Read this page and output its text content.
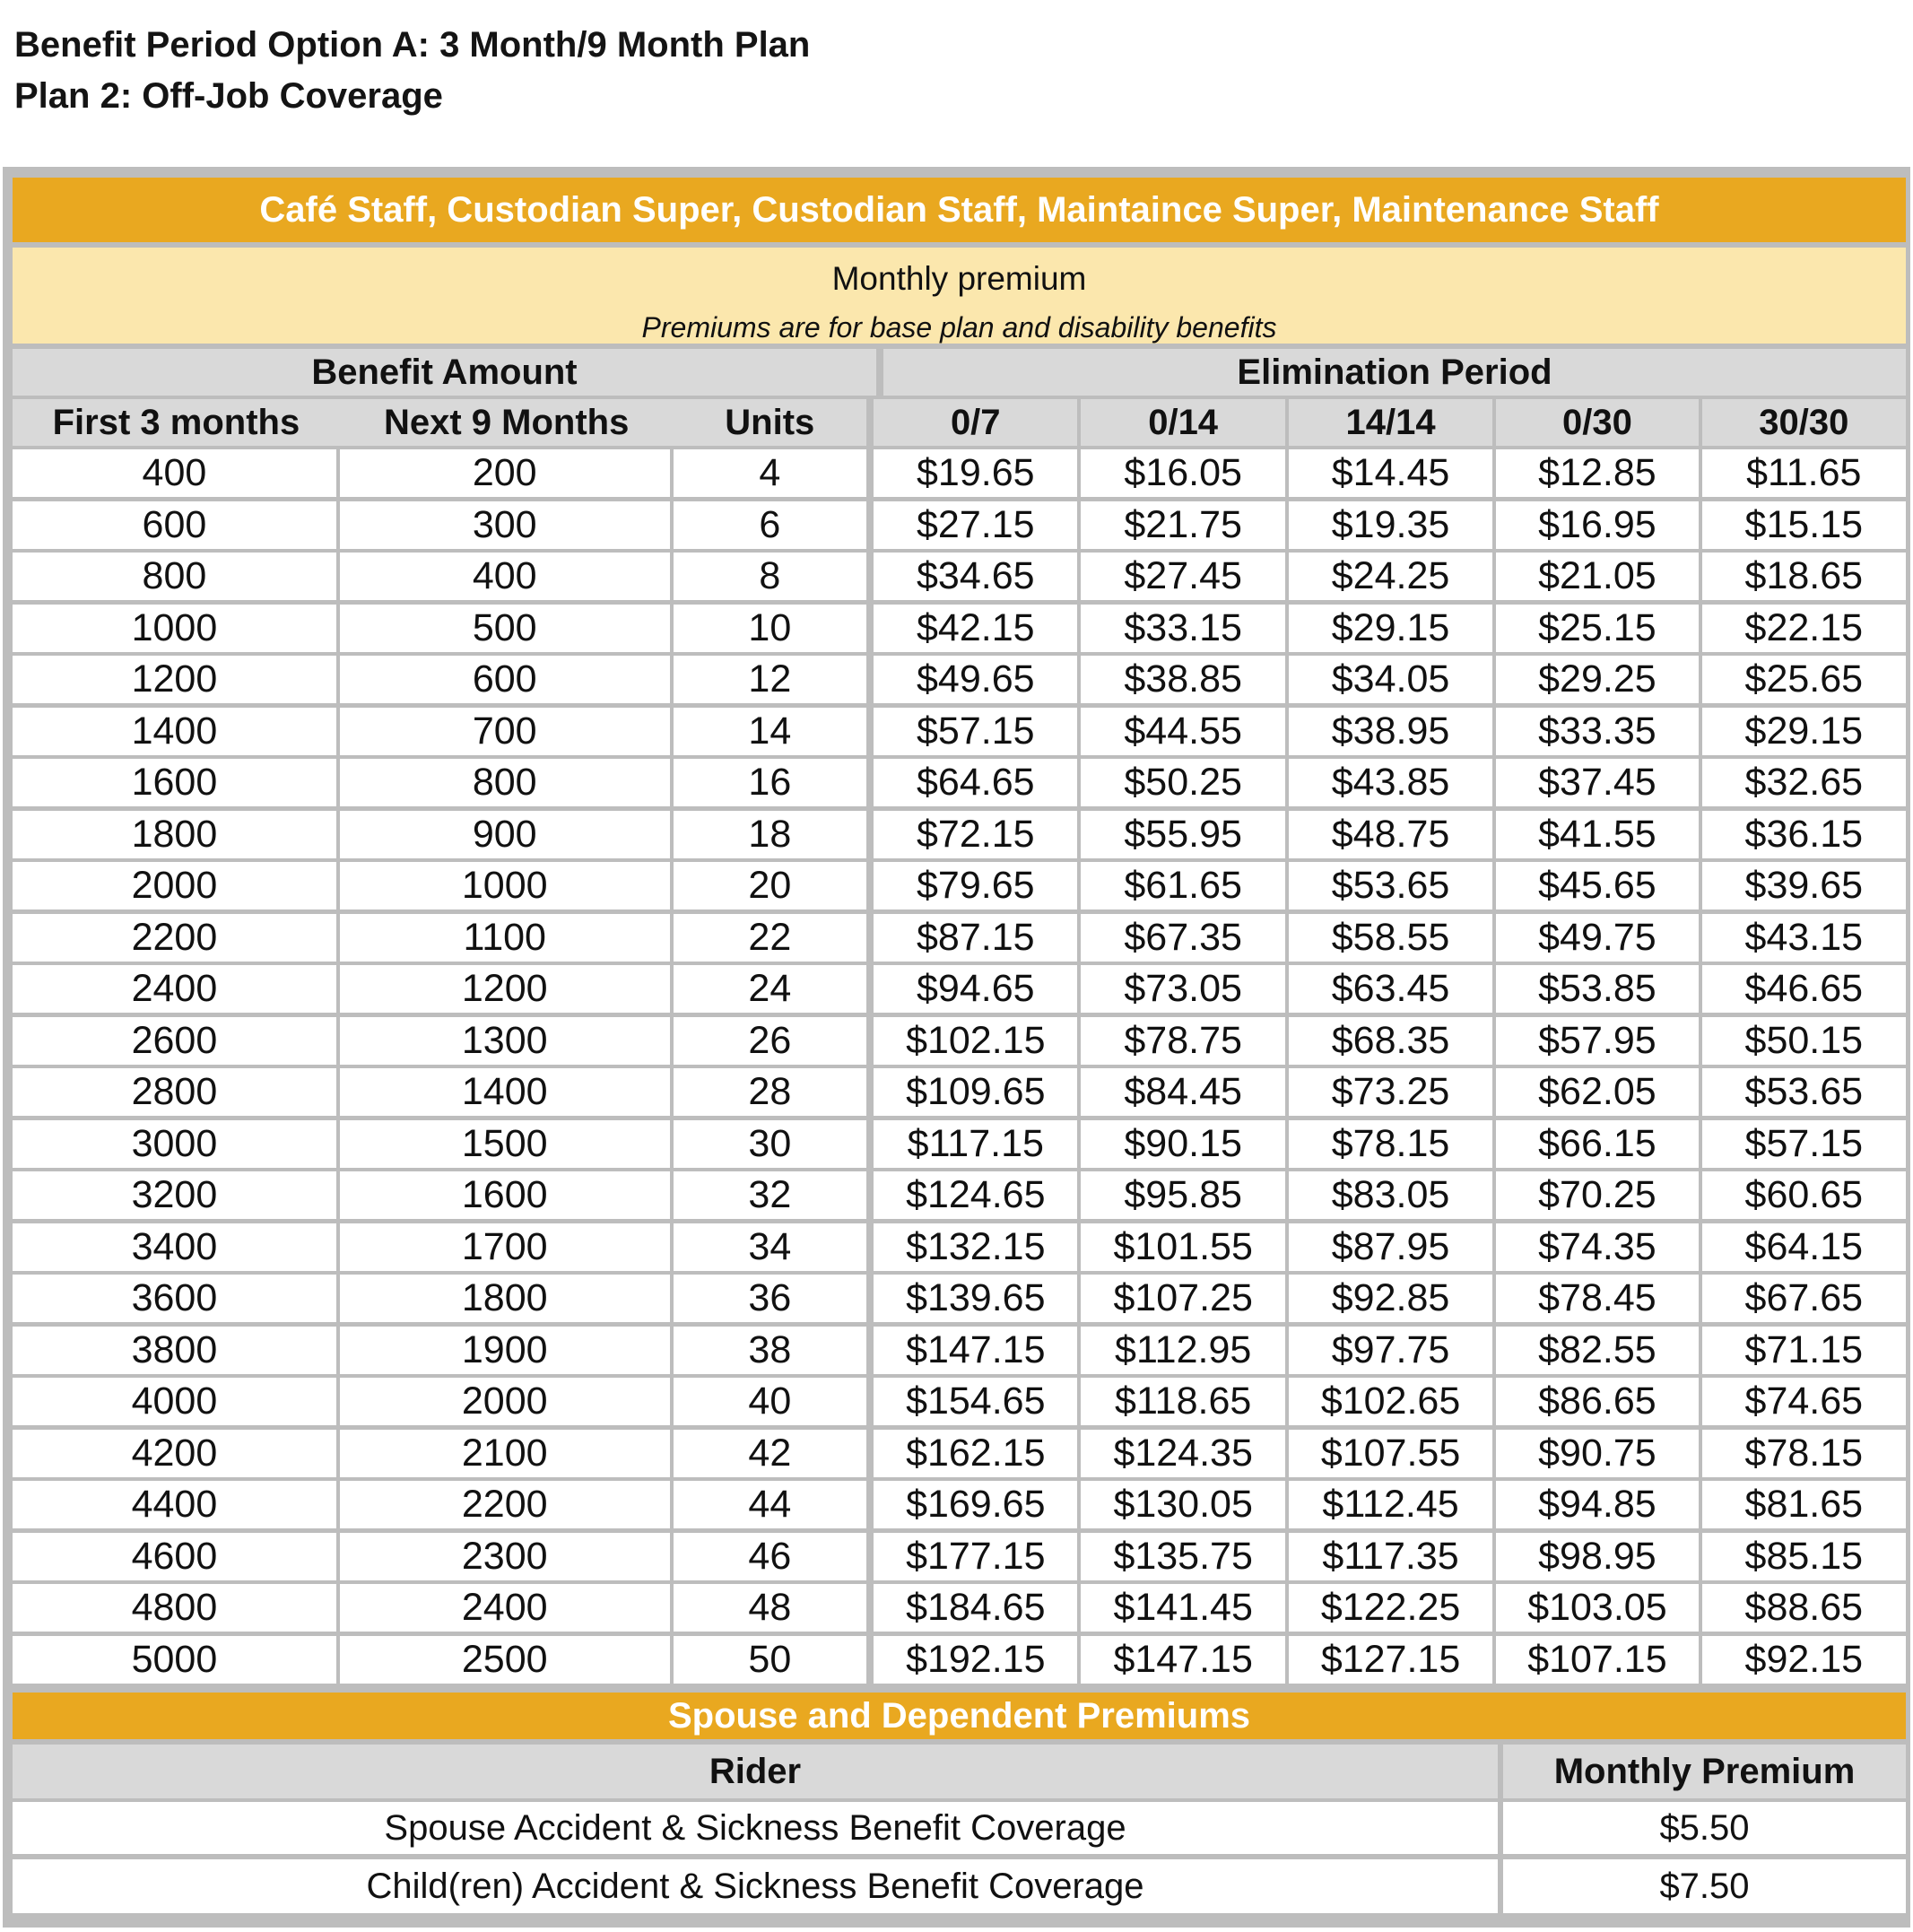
Benefit Period Option A: 3 Month/9 Month Plan
Plan 2: Off-Job Coverage
Café Staff, Custodian Super, Custodian Staff, Maintaince Super, Maintenance Staff
Monthly premium
Premiums are for base plan and disability benefits
Benefit Amount	Elimination Period
First 3 months	Next 9 Months	Units	0/7	0/14	14/14	0/30	30/30
400	200	4	$19.65	$16.05	$14.45	$12.85	$11.65
600	300	6	$27.15	$21.75	$19.35	$16.95	$15.15
800	400	8	$34.65	$27.45	$24.25	$21.05	$18.65
1000	500	10	$42.15	$33.15	$29.15	$25.15	$22.15
1200	600	12	$49.65	$38.85	$34.05	$29.25	$25.65
1400	700	14	$57.15	$44.55	$38.95	$33.35	$29.15
1600	800	16	$64.65	$50.25	$43.85	$37.45	$32.65
1800	900	18	$72.15	$55.95	$48.75	$41.55	$36.15
2000	1000	20	$79.65	$61.65	$53.65	$45.65	$39.65
2200	1100	22	$87.15	$67.35	$58.55	$49.75	$43.15
2400	1200	24	$94.65	$73.05	$63.45	$53.85	$46.65
2600	1300	26	$102.15	$78.75	$68.35	$57.95	$50.15
2800	1400	28	$109.65	$84.45	$73.25	$62.05	$53.65
3000	1500	30	$117.15	$90.15	$78.15	$66.15	$57.15
3200	1600	32	$124.65	$95.85	$83.05	$70.25	$60.65
3400	1700	34	$132.15	$101.55	$87.95	$74.35	$64.15
3600	1800	36	$139.65	$107.25	$92.85	$78.45	$67.65
3800	1900	38	$147.15	$112.95	$97.75	$82.55	$71.15
4000	2000	40	$154.65	$118.65	$102.65	$86.65	$74.65
4200	2100	42	$162.15	$124.35	$107.55	$90.75	$78.15
4400	2200	44	$169.65	$130.05	$112.45	$94.85	$81.65
4600	2300	46	$177.15	$135.75	$117.35	$98.95	$85.15
4800	2400	48	$184.65	$141.45	$122.25	$103.05	$88.65
5000	2500	50	$192.15	$147.15	$127.15	$107.15	$92.15
Spouse and Dependent Premiums
Rider	Monthly Premium
Spouse Accident & Sickness Benefit Coverage	$5.50
Child(ren) Accident & Sickness Benefit Coverage	$7.50
